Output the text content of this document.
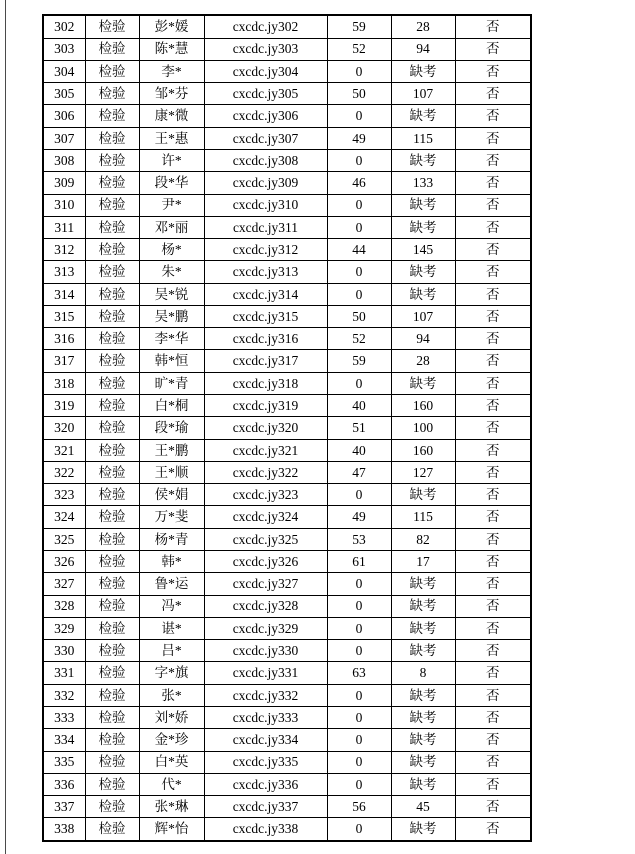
302	检验	彭*媛	cxcdc.jy302	59	28	否
303	检验	陈*慧	cxcdc.jy303	52	94	否
304	检验	李*	cxcdc.jy304	0	缺考	否
305	检验	邹*芬	cxcdc.jy305	50	107	否
306	检验	康*微	cxcdc.jy306	0	缺考	否
307	检验	王*惠	cxcdc.jy307	49	115	否
308	检验	许*	cxcdc.jy308	0	缺考	否
309	检验	段*华	cxcdc.jy309	46	133	否
310	检验	尹*	cxcdc.jy310	0	缺考	否
311	检验	邓*丽	cxcdc.jy311	0	缺考	否
312	检验	杨*	cxcdc.jy312	44	145	否
313	检验	朱*	cxcdc.jy313	0	缺考	否
314	检验	吴*锐	cxcdc.jy314	0	缺考	否
315	检验	吴*鹏	cxcdc.jy315	50	107	否
316	检验	李*华	cxcdc.jy316	52	94	否
317	检验	韩*恒	cxcdc.jy317	59	28	否
318	检验	旷*青	cxcdc.jy318	0	缺考	否
319	检验	白*桐	cxcdc.jy319	40	160	否
320	检验	段*瑜	cxcdc.jy320	51	100	否
321	检验	王*鹏	cxcdc.jy321	40	160	否
322	检验	王*顺	cxcdc.jy322	47	127	否
323	检验	侯*娟	cxcdc.jy323	0	缺考	否
324	检验	万*斐	cxcdc.jy324	49	115	否
325	检验	杨*青	cxcdc.jy325	53	82	否
326	检验	韩*	cxcdc.jy326	61	17	否
327	检验	鲁*运	cxcdc.jy327	0	缺考	否
328	检验	冯*	cxcdc.jy328	0	缺考	否
329	检验	谌*	cxcdc.jy329	0	缺考	否
330	检验	吕*	cxcdc.jy330	0	缺考	否
331	检验	字*旗	cxcdc.jy331	63	8	否
332	检验	张*	cxcdc.jy332	0	缺考	否
333	检验	刘*娇	cxcdc.jy333	0	缺考	否
334	检验	金*珍	cxcdc.jy334	0	缺考	否
335	检验	白*英	cxcdc.jy335	0	缺考	否
336	检验	代*	cxcdc.jy336	0	缺考	否
337	检验	张*琳	cxcdc.jy337	56	45	否
338	检验	辉*怡	cxcdc.jy338	0	缺考	否
